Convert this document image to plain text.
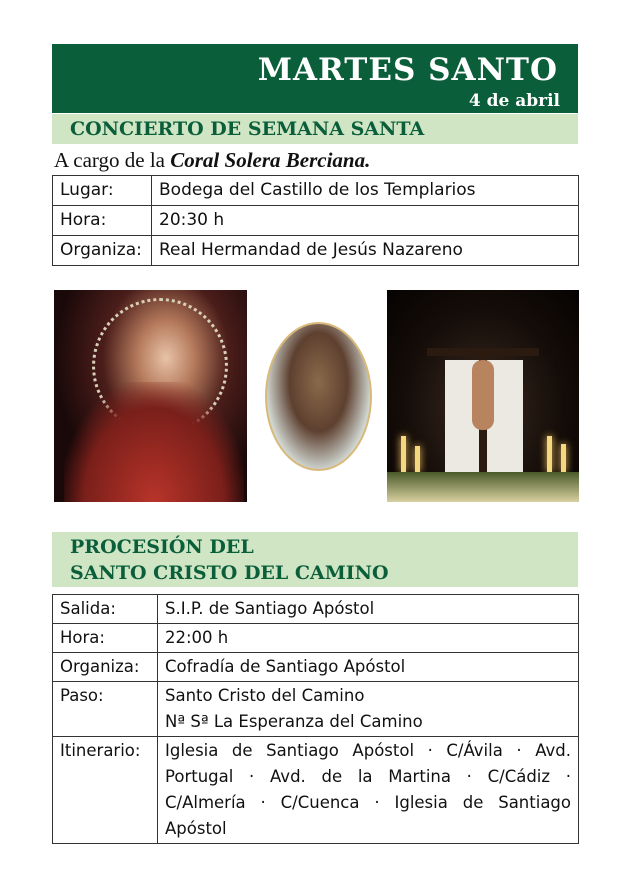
MARTES SANTO
4 de abril
CONCIERTO DE SEMANA SANTA
A cargo de la Coral Solera Berciana.
Lugar:	Bodega del Castillo de los Templarios
Hora:	20:30 h
Organiza:	Real Hermandad de Jesús Nazareno
PROCESIÓN DEL
SANTO CRISTO DEL CAMINO
Salida:	S.I.P. de Santiago Apóstol
Hora:	22:00 h
Organiza:	Cofradía de Santiago Apóstol
Paso:	Santo Cristo del Camino
Nª Sª La Esperanza del Camino

Itinerario:	Iglesia de Santiago Apóstol · C/Ávila · Avd. Portugal · Avd. de la Martina · C/Cádiz · C/Almería · C/Cuenca · Iglesia de Santiago Apóstol
